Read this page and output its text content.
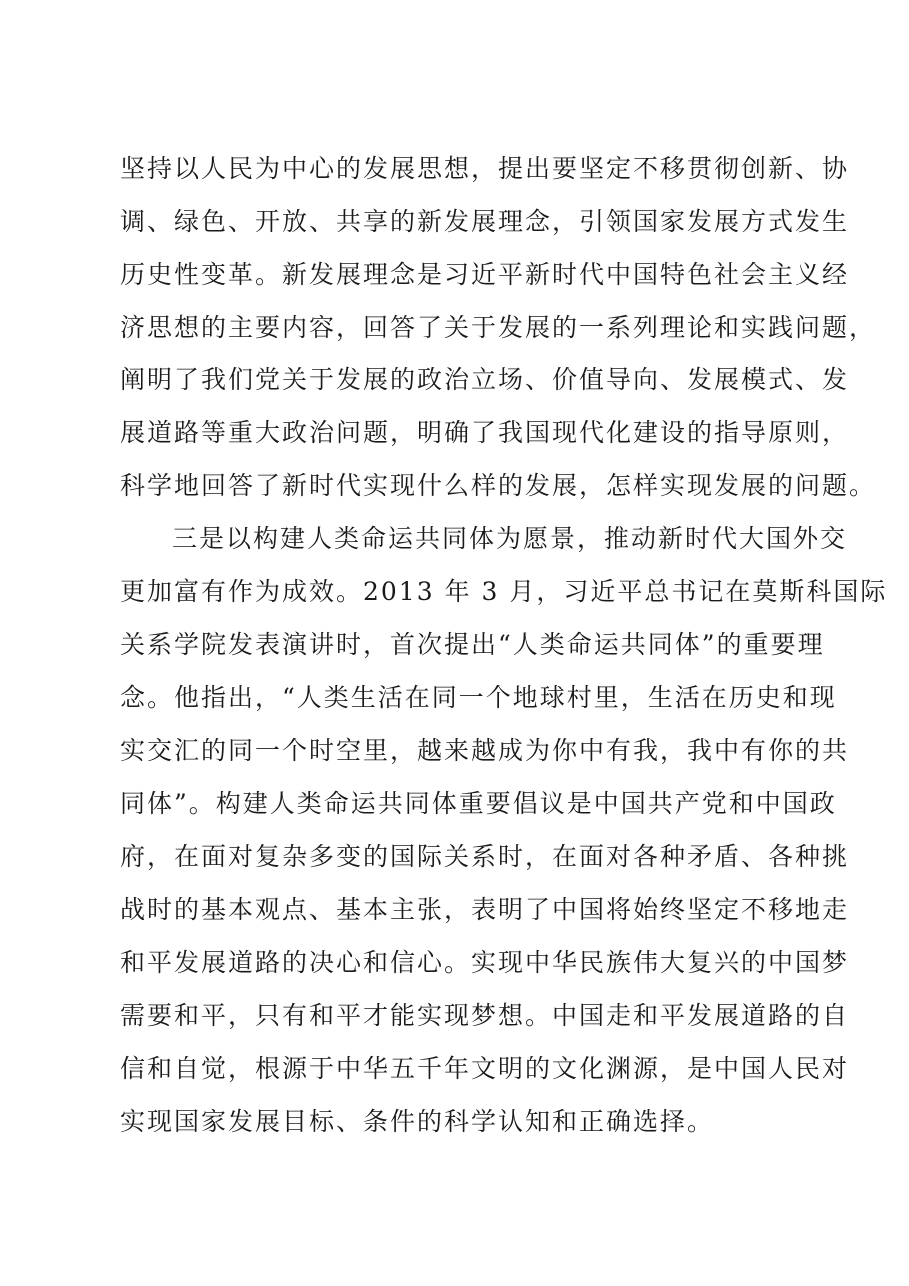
坚持以人民为中心的发展思想，提出要坚定不移贯彻创新、协
调、绿色、开放、共享的新发展理念，引领国家发展方式发生
历史性变革。新发展理念是习近平新时代中国特色社会主义经
济思想的主要内容，回答了关于发展的一系列理论和实践问题，
阐明了我们党关于发展的政治立场、价值导向、发展模式、发
展道路等重大政治问题，明确了我国现代化建设的指导原则，
科学地回答了新时代实现什么样的发展，怎样实现发展的问题。
三是以构建人类命运共同体为愿景，推动新时代大国外交
更加富有作为成效。2013 年 3 月，习近平总书记在莫斯科国际
关系学院发表演讲时，首次提出“人类命运共同体”的重要理
念。他指出，“人类生活在同一个地球村里，生活在历史和现
实交汇的同一个时空里，越来越成为你中有我，我中有你的共
同体”。构建人类命运共同体重要倡议是中国共产党和中国政
府，在面对复杂多变的国际关系时，在面对各种矛盾、各种挑
战时的基本观点、基本主张，表明了中国将始终坚定不移地走
和平发展道路的决心和信心。实现中华民族伟大复兴的中国梦
需要和平，只有和平才能实现梦想。中国走和平发展道路的自
信和自觉，根源于中华五千年文明的文化渊源，是中国人民对
实现国家发展目标、条件的科学认知和正确选择。
